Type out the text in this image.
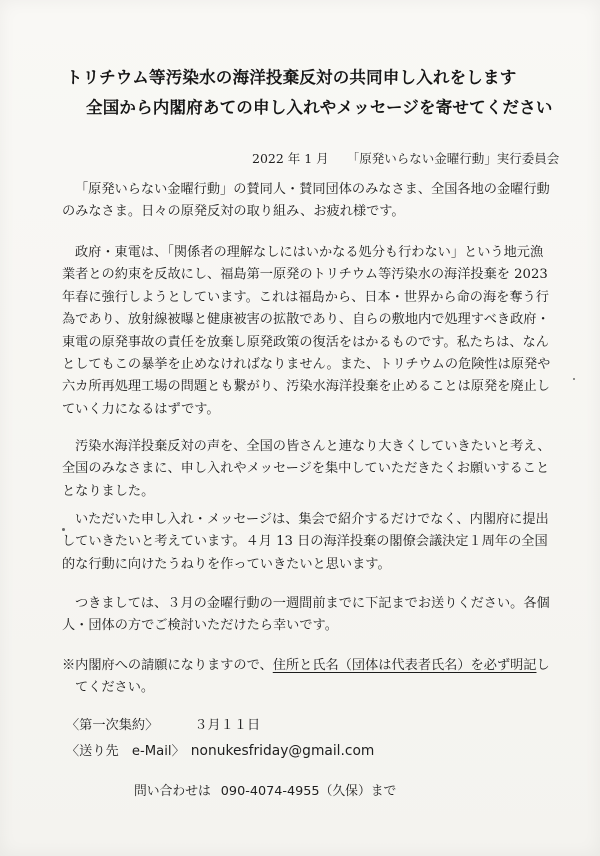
トリチウム等汚染水の海洋投棄反対の共同申し入れをします
全国から内閣府あての申し入れやメッセージを寄せてください
2022 年 1 月 「原発いらない金曜行動」実行委員会
「原発いらない金曜行動」の賛同人・賛同団体のみなさま、全国各地の金曜行動
のみなさま。日々の原発反対の取り組み、お疲れ様です。
政府・東電は、「関係者の理解なしにはいかなる処分も行わない」という地元漁
業者との約束を反故にし、福島第一原発のトリチウム等汚染水の海洋投棄を 2023
年春に強行しようとしています。これは福島から、日本・世界から命の海を奪う行
為であり、放射線被曝と健康被害の拡散であり、自らの敷地内で処理すべき政府・
東電の原発事故の責任を放棄し原発政策の復活をはかるものです。私たちは、なん
としてもこの暴挙を止めなければなりません。また、トリチウムの危険性は原発や
六カ所再処理工場の問題とも繋がり、汚染水海洋投棄を止めることは原発を廃止し
ていく力になるはずです。
汚染水海洋投棄反対の声を、全国の皆さんと連なり大きくしていきたいと考え、
全国のみなさまに、申し入れやメッセージを集中していただきたくお願いすること
となりました。
いただいた申し入れ・メッセージは、集会で紹介するだけでなく、内閣府に提出
していきたいと考えています。４月 13 日の海洋投棄の閣僚会議決定１周年の全国
的な行動に向けたうねりを作っていきたいと思います。
つきましては、３月の金曜行動の一週間前までに下記までお送りください。各個
人・団体の方でご検討いただけたら幸いです。
※内閣府への請願になりますので、住所と氏名（団体は代表者氏名）を必ず明記し
てください。
〈第一次集約〉	３月１１日
〈送り先　e-Mail〉 nonukesfriday@gmail.com
問い合わせは 090-4074-4955（久保）まで
